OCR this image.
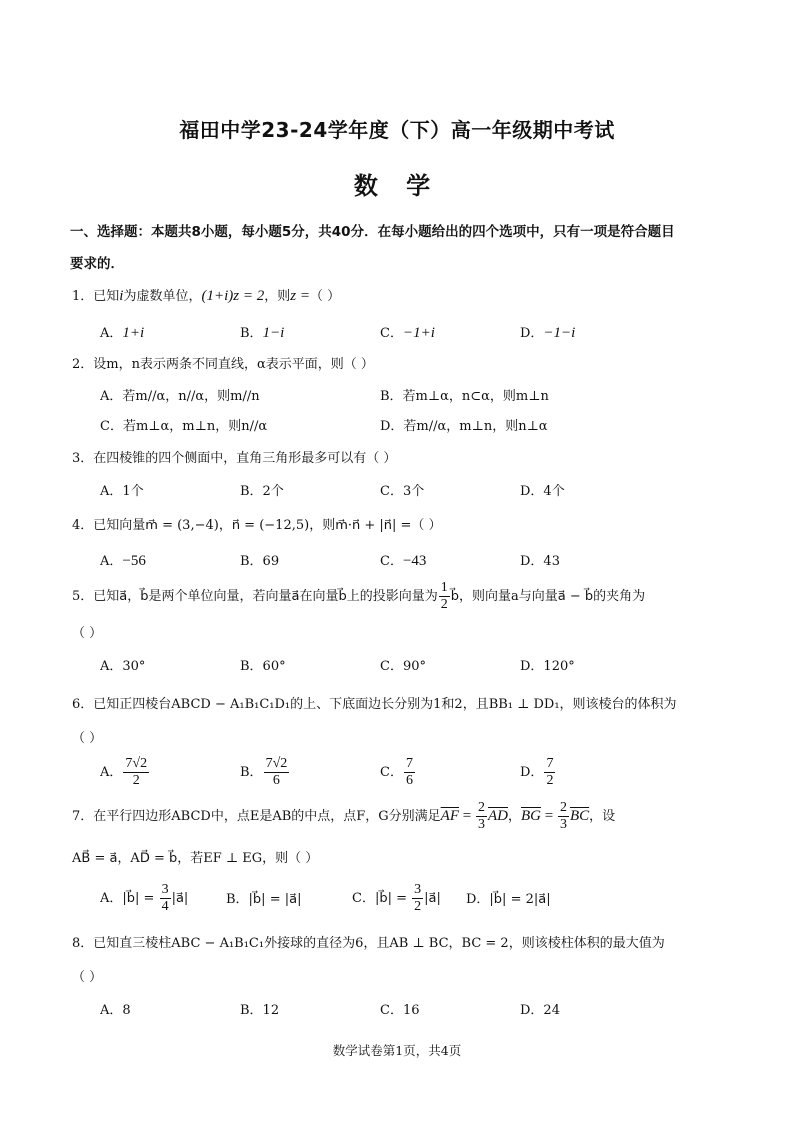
福田中学23-24学年度（下）高一年级期中考试
数 学
一、选择题：本题共8小题，每小题5分，共40分．在每小题给出的四个选项中，只有一项是符合题目
要求的．
1．已知i为虚数单位，(1+i)z = 2，则z =（ ）
A．1+i	B．1−i	C．−1+i	D．−1−i
2．设m，n表示两条不同直线，α表示平面，则（ ）
A．若m//α，n//α，则m//n	B．若m⊥α，n⊂α，则m⊥n
C．若m⊥α，m⊥n，则n//α	D．若m//α，m⊥n，则n⊥α
3．在四棱锥的四个侧面中，直角三角形最多可以有（ ）
A．1个	B．2个	C．3个	D．4个
4．已知向量m⃗ = (3,−4)，n⃗ = (−12,5)，则m⃗·n⃗ + |n⃗| =（ ）
A．−56	B．69	C．−43	D．43
5．已知a⃗，b⃗是两个单位向量，若向量a⃗在向量b⃗上的投影向量为 $\frac{1}{2}$ b⃗，则向量a与向量a⃗ − b⃗的夹角为
（ ）
A．30°	B．60°	C．90°	D．120°
6．已知正四棱台ABCD − A₁B₁C₁D₁的上、下底面边长分别为1和2，且BB₁ ⊥ DD₁，则该棱台的体积为
（ ）
A． $\frac{7√2}{2}$	B． $\frac{7√2}{6}$	C． $\frac{7}{6}$	D． $\frac{7}{2}$
7．在平行四边形ABCD中，点E是AB的中点，点F，G分别满足$\overline{AF} = \frac{2}{3} \overline{AD}$，$\overline{BG} = \frac{2}{3} \overline{BC}$，设
AB⃗ = a⃗，AD⃗ = b⃗，若EF ⊥ EG，则（ ）
A．|b⃗| = $\frac{3}{4}$ |a⃗|	B．|b⃗| = |a⃗|	C．|b⃗| = $\frac{3}{2}$ |a⃗| D．|b⃗| = 2|a⃗|
8．已知直三棱柱ABC − A₁B₁C₁外接球的直径为6，且AB ⊥ BC，BC = 2，则该棱柱体积的最大值为
（ ）
A．8	B．12	C．16	D．24
数学试卷第1页，共4页
